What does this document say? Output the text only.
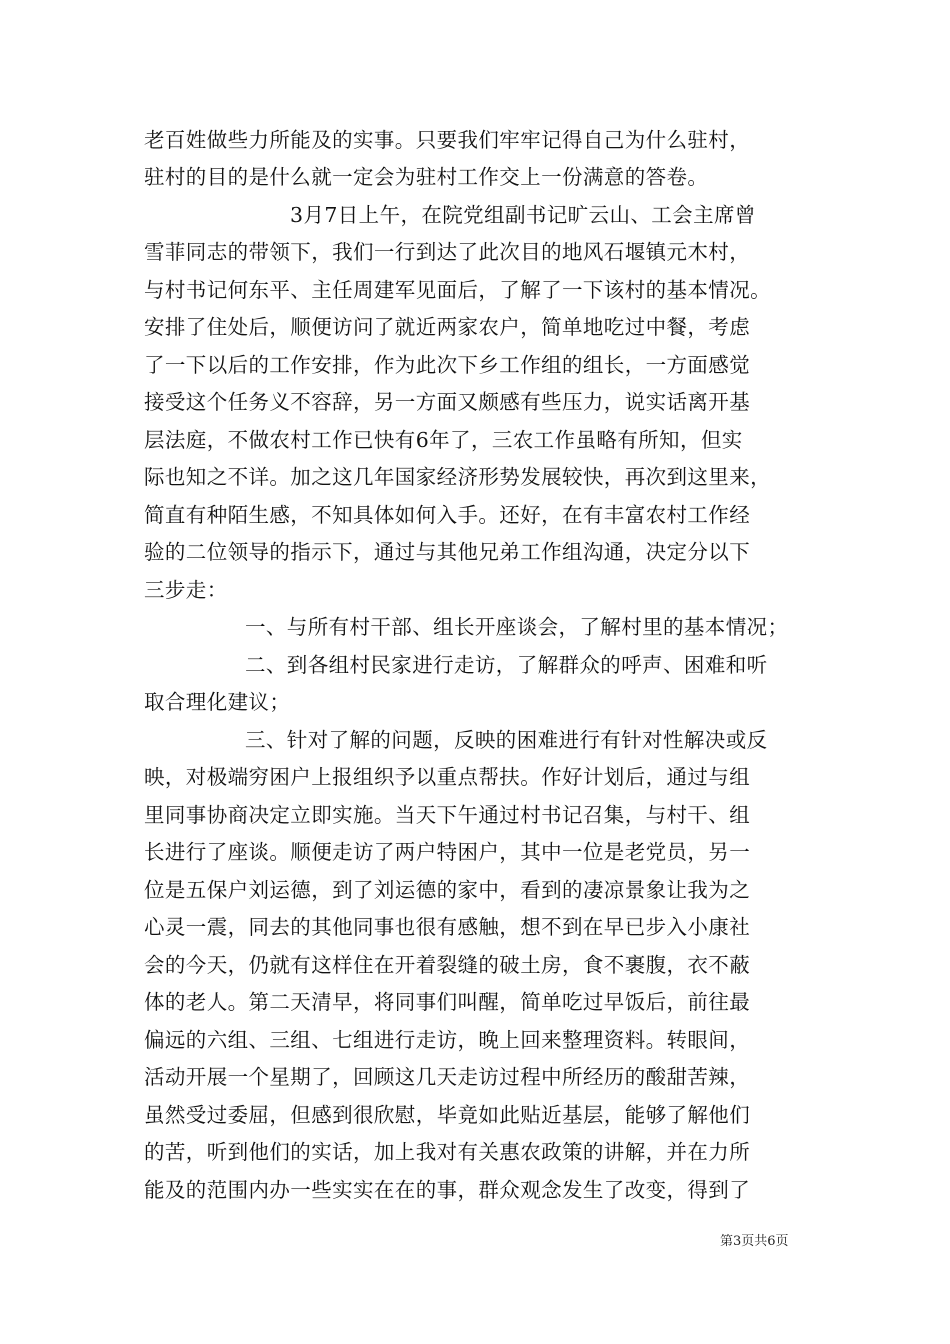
老百姓做些力所能及的实事。只要我们牢牢记得自己为什么驻村，
驻村的目的是什么就一定会为驻村工作交上一份满意的答卷。
3月7日上午，在院党组副书记旷云山、工会主席曾
雪菲同志的带领下，我们一行到达了此次目的地风石堰镇元木村，
与村书记何东平、主任周建军见面后，了解了一下该村的基本情况。
安排了住处后，顺便访问了就近两家农户，简单地吃过中餐，考虑
了一下以后的工作安排，作为此次下乡工作组的组长，一方面感觉
接受这个任务义不容辞，另一方面又颇感有些压力，说实话离开基
层法庭，不做农村工作已快有6年了，三农工作虽略有所知，但实
际也知之不详。加之这几年国家经济形势发展较快，再次到这里来，
简直有种陌生感，不知具体如何入手。还好，在有丰富农村工作经
验的二位领导的指示下，通过与其他兄弟工作组沟通，决定分以下
三步走：
一、与所有村干部、组长开座谈会，了解村里的基本情况；
二、到各组村民家进行走访，了解群众的呼声、困难和听
取合理化建议；
三、针对了解的问题，反映的困难进行有针对性解决或反
映，对极端穷困户上报组织予以重点帮扶。作好计划后，通过与组
里同事协商决定立即实施。当天下午通过村书记召集，与村干、组
长进行了座谈。顺便走访了两户特困户，其中一位是老党员，另一
位是五保户刘运德，到了刘运德的家中，看到的凄凉景象让我为之
心灵一震，同去的其他同事也很有感触，想不到在早已步入小康社
会的今天，仍就有这样住在开着裂缝的破土房，食不裹腹，衣不蔽
体的老人。第二天清早，将同事们叫醒，简单吃过早饭后，前往最
偏远的六组、三组、七组进行走访，晚上回来整理资料。转眼间，
活动开展一个星期了，回顾这几天走访过程中所经历的酸甜苦辣，
虽然受过委屈，但感到很欣慰，毕竟如此贴近基层，能够了解他们
的苦，听到他们的实话，加上我对有关惠农政策的讲解，并在力所
能及的范围内办一些实实在在的事，群众观念发生了改变，得到了
第3页共6页
